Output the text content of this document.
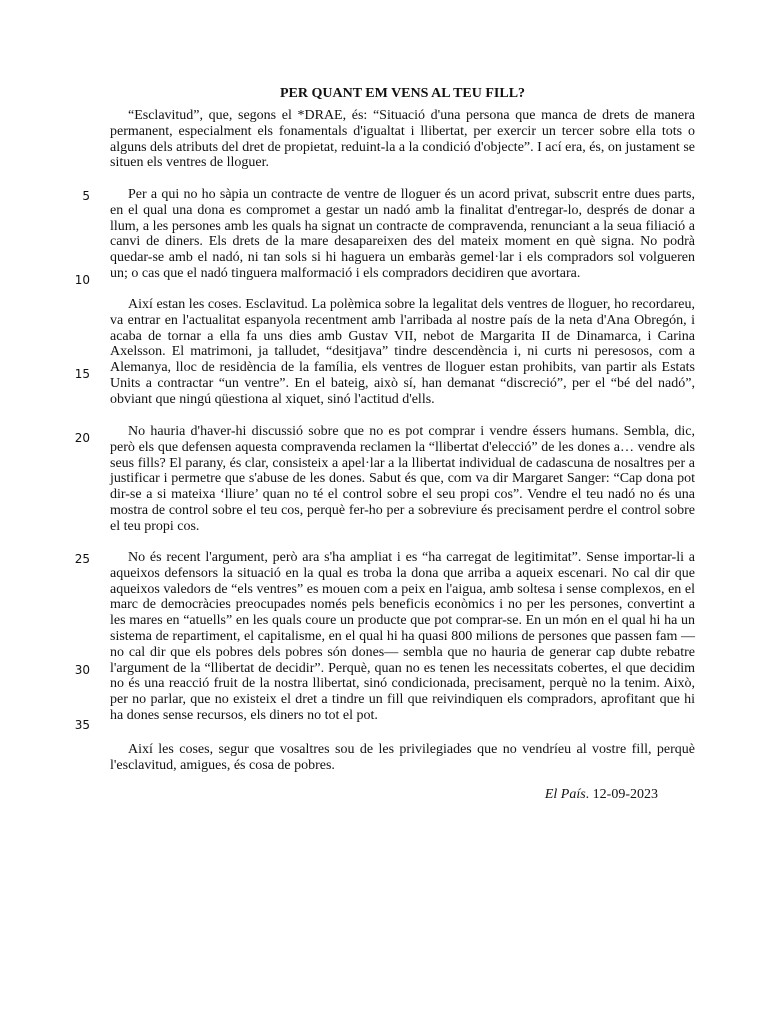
PER QUANT EM VENS AL TEU FILL?

“Esclavitud”, que, segons el *DRAE, és: “Situació d'una persona que manca de drets de manera permanent, especialment els fonamentals d'igualtat i llibertat, per exercir un tercer sobre ella tots o alguns dels atributs del dret de propietat, reduint-la a la condició d'objecte”. I ací era, és, on justament se situen els ventres de lloguer.

Per a qui no ho sàpia un contracte de ventre de lloguer és un acord privat, subscrit entre dues parts, en el qual una dona es compromet a gestar un nadó amb la finalitat d'entregar-lo, després de donar a llum, a les persones amb les quals ha signat un contracte de compravenda, renunciant a la seua filiació a canvi de diners. Els drets de la mare desapareixen des del mateix moment en què signa. No podrà quedar-se amb el nadó, ni tan sols si hi haguera un embaràs gemel·lar i els compradors sol volgueren un; o cas que el nadó tinguera malformació i els compradors decidiren que avortara.

Així estan les coses. Esclavitud. La polèmica sobre la legalitat dels ventres de lloguer, ho recordareu, va entrar en l'actualitat espanyola recentment amb l'arribada al nostre país de la neta d'Ana Obregón, i acaba de tornar a ella fa uns dies amb Gustav VII, nebot de Margarita II de Dinamarca, i Carina Axelsson. El matrimoni, ja talludet, “desitjava” tindre descendència i, ni curts ni peresosos, com a Alemanya, lloc de residència de la família, els ventres de lloguer estan prohibits, van partir als Estats Units a contractar “un ventre”. En el bateig, això sí, han demanat “discreció”, per el “bé del nadó”, obviant que ningú qüestiona al xiquet, sinó l'actitud d'ells.

No hauria d'haver-hi discussió sobre que no es pot comprar i vendre éssers humans. Sembla, dic, però els que defensen aquesta compravenda reclamen la “llibertat d'elecció” de les dones a… vendre als seus fills? El parany, és clar, consisteix a apel·lar a la llibertat individual de cadascuna de nosaltres per a justificar i permetre que s'abuse de les dones. Sabut és que, com va dir Margaret Sanger: “Cap dona pot dir-se a si mateixa ‘lliure’ quan no té el control sobre el seu propi cos”. Vendre el teu nadó no és una mostra de control sobre el teu cos, perquè fer-ho per a sobreviure és precisament perdre el control sobre el teu propi cos.

No és recent l'argument, però ara s'ha ampliat i es “ha carregat de legitimitat”. Sense importar-li a aqueixos defensors la situació en la qual es troba la dona que arriba a aqueix escenari. No cal dir que aqueixos valedors de “els ventres” es mouen com a peix en l'aigua, amb soltesa i sense complexos, en el marc de democràcies preocupades només pels beneficis econòmics i no per les persones, convertint a les mares en “atuells” en les quals coure un producte que pot comprar-se. En un món en el qual hi ha un sistema de repartiment, el capitalisme, en el qual hi ha quasi 800 milions de persones que passen fam — no cal dir que els pobres dels pobres són dones— sembla que no hauria de generar cap dubte rebatre l'argument de la “llibertat de decidir”. Perquè, quan no es tenen les necessitats cobertes, el que decidim no és una reacció fruit de la nostra llibertat, sinó condicionada, precisament, perquè no la tenim. Això, per no parlar, que no existeix el dret a tindre un fill que reivindiquen els compradors, aprofitant que hi ha dones sense recursos, els diners no tot el pot.

Així les coses, segur que vosaltres sou de les privilegiades que no vendríeu al vostre fill, perquè l'esclavitud, amigues, és cosa de pobres.

5
10
15
20
25
30
35
El País. 12-09-2023
